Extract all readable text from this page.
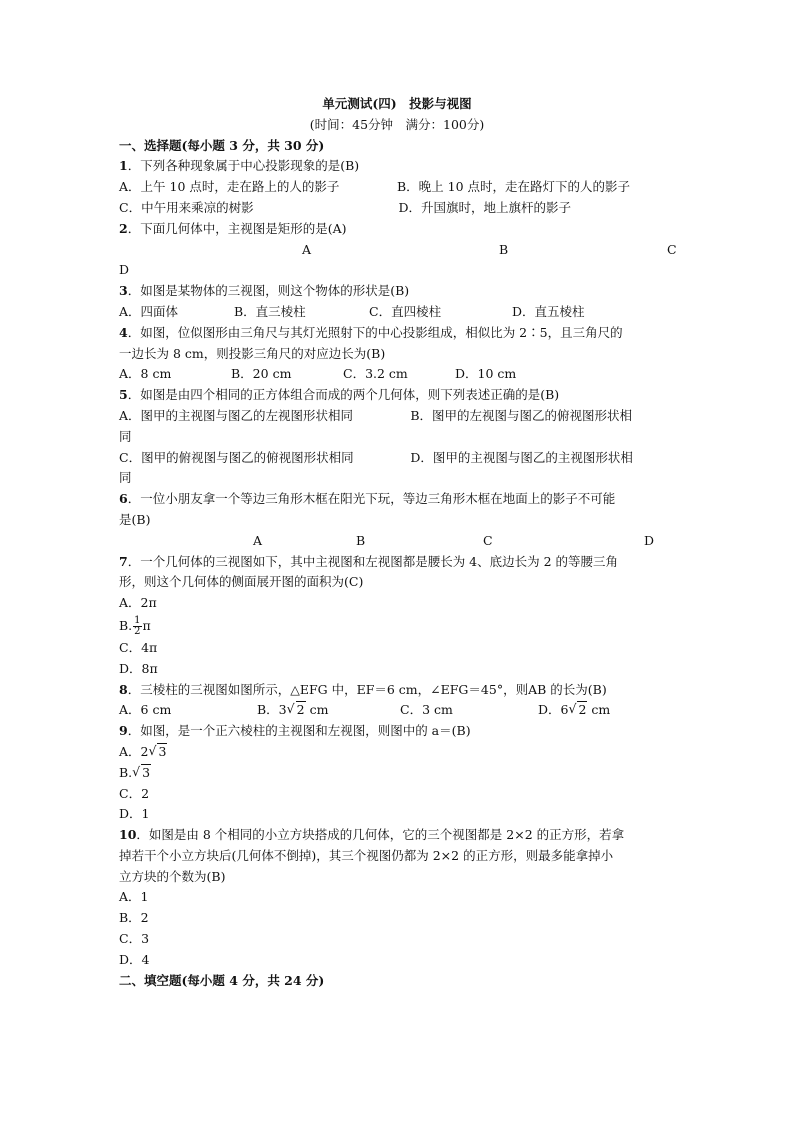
单元测试(四)　投影与视图
(时间：45分钟　满分：100分)
一、选择题(每小题 3 分，共 30 分)
1．下列各种现象属于中心投影现象的是(B)
A．上午 10 点时，走在路上的人的影子	B．晚上 10 点时，走在路灯下的人的影子
C．中午用来乘凉的树影	D．升国旗时，地上旗杆的影子
2．下面几何体中，主视图是矩形的是(A)
A	B	C
D
3．如图是某物体的三视图，则这个物体的形状是(B)
A．四面体	B．直三棱柱	C．直四棱柱	D．直五棱柱
4．如图，位似图形由三角尺与其灯光照射下的中心投影组成，相似比为 2∶5，且三角尺的
一边长为 8 cm，则投影三角尺的对应边长为(B)
A．8 cm	B．20 cm	C．3.2 cm	D．10 cm
5．如图是由四个相同的正方体组合而成的两个几何体，则下列表述正确的是(B)
A．图甲的主视图与图乙的左视图形状相同	B．图甲的左视图与图乙的俯视图形状相
同
C．图甲的俯视图与图乙的俯视图形状相同	D．图甲的主视图与图乙的主视图形状相
同
6．一位小朋友拿一个等边三角形木框在阳光下玩，等边三角形木框在地面上的影子不可能
是(B)
A	B	C	D
7．一个几何体的三视图如下，其中主视图和左视图都是腰长为 4、底边长为 2 的等腰三角
形，则这个几何体的侧面展开图的面积为(C)
A．2π
B. $\frac{1}{2}$ π
C．4π
D．8π
8．三棱柱的三视图如图所示，△EFG 中，EF＝6 cm，∠EFG＝45°，则AB 的长为(B)
A．6 cm	B．3 √ 2 cm	C．3 cm	D．6 √ 2 cm
9．如图，是一个正六棱柱的主视图和左视图，则图中的 a＝(B)
A．2 √ 3
B. √ 3
C．2
D．1
10．如图是由 8 个相同的小立方块搭成的几何体，它的三个视图都是 2×2 的正方形，若拿
掉若干个小立方块后(几何体不倒掉)，其三个视图仍都为 2×2 的正方形，则最多能拿掉小
立方块的个数为(B)
A．1
B．2
C．3
D．4
二、填空题(每小题 4 分，共 24 分)
